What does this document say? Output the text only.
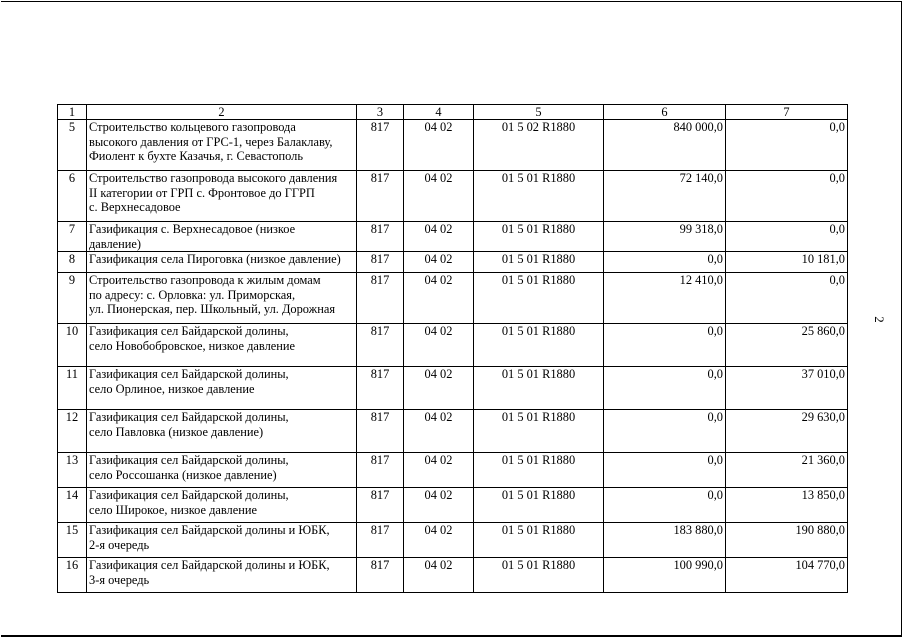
2
1	2	3	4	5	6	7
5	Строительство кольцевого газопровода
высокого давления от ГРС-1, через Балаклаву,
Фиолент к бухте Казачья, г. Севастополь	817	04 02	01 5 02 R1880	840 000,0	0,0
6	Строительство газопровода высокого давления
II категории от ГРП с. Фронтовое до ГГРП
с. Верхнесадовое	817	04 02	01 5 01 R1880	72 140,0	0,0
7	Газификация с. Верхнесадовое (низкое
давление)	817	04 02	01 5 01 R1880	99 318,0	0,0
8	Газификация села Пироговка (низкое давление)	817	04 02	01 5 01 R1880	0,0	10 181,0
9	Строительство газопровода к жилым домам
по адресу: с. Орловка: ул. Приморская,
ул. Пионерская, пер. Школьный, ул. Дорожная	817	04 02	01 5 01 R1880	12 410,0	0,0
10	Газификация сел Байдарской долины,
село Новобобровское, низкое давление	817	04 02	01 5 01 R1880	0,0	25 860,0
11	Газификация сел Байдарской долины,
село Орлиное, низкое давление	817	04 02	01 5 01 R1880	0,0	37 010,0
12	Газификация сел Байдарской долины,
село Павловка (низкое давление)	817	04 02	01 5 01 R1880	0,0	29 630,0
13	Газификация сел Байдарской долины,
село Россошанка (низкое давление)	817	04 02	01 5 01 R1880	0,0	21 360,0
14	Газификация сел Байдарской долины,
село Широкое, низкое давление	817	04 02	01 5 01 R1880	0,0	13 850,0
15	Газификация сел Байдарской долины и ЮБК,
2-я очередь	817	04 02	01 5 01 R1880	183 880,0	190 880,0
16	Газификация сел Байдарской долины и ЮБК,
3-я очередь	817	04 02	01 5 01 R1880	100 990,0	104 770,0
